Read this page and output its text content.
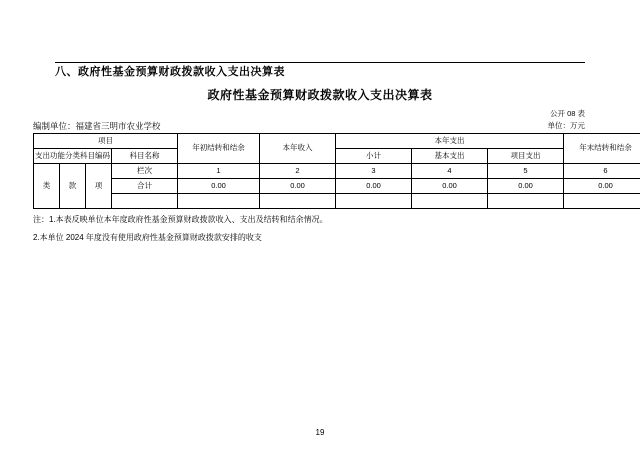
八、政府性基金预算财政拨款收入支出决算表
政府性基金预算财政拨款收入支出决算表
公开 08 表
单位：万元
编制单位：福建省三明市农业学校
项目				年初结转和结余	本年收入	本年支出			年末结转和结余
支出功能分类科目编码			科目名称			小计	基本支出	项目支出	
类	款	项	栏次	1	2	3	4	5	6
			合计	0.00	0.00	0.00	0.00	0.00	0.00

注：1.本表反映单位本年度政府性基金预算财政拨款收入、支出及结转和结余情况。
2.本单位 2024 年度没有使用政府性基金预算财政拨款安排的收支
19
